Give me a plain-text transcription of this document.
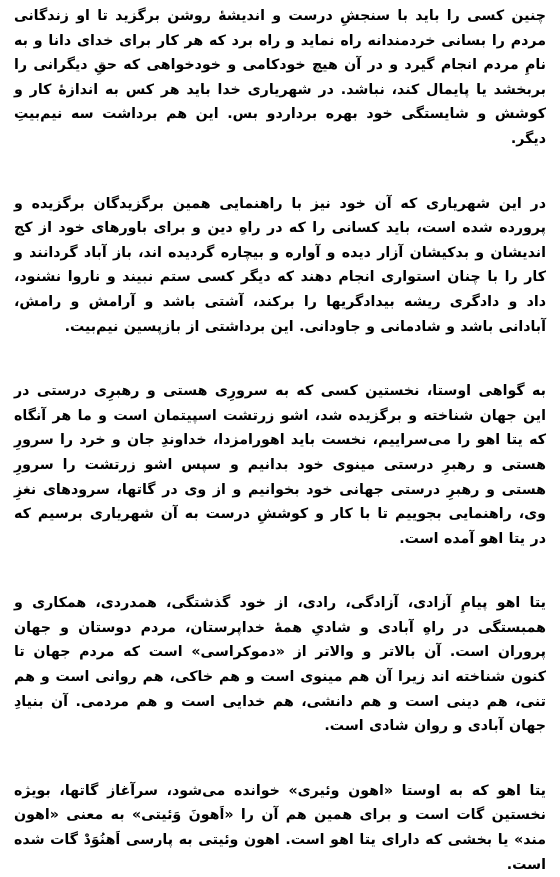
چنین کسی را باید با سنجشِ درست و اندیشهٔ روشن برگزید تا او زندگانی مردم را بسانی خردمندانه راه نماید و راه برد که هر کار برای خدای دانا و به نامِ مردم انجام گیرد و در آن هیچ خودکامی و خودخواهی که حقِ دیگرانی را بربخشد یا پایمال کند، نباشد. در شهریاری خدا باید هر کس به اندازهٔ کار و کوشش و شایستگی خود بهره برداردو بس. این هم برداشت سه نیم‌بیتِ دیگر.

در این شهریاری که آن خود نیز با راهنمایی همین برگزیدگان برگزیده و پرورده شده است، باید کسانی را که در راهِ دین و برای باورهای خود از کج اندیشان و بدکیشان آزار دیده و آواره و بیچاره گردیده اند، باز آباد گردانند و کار را با چنان استواری انجام دهند که دیگر کسی ستم نبیند و ناروا نشنود، داد و دادگری ریشه بیدادگریها را برکند، آشتی باشد و آرامش و رامش، آبادانی باشد و شادمانی و جاودانی. این برداشتی از بازپسین نیم‌بیت.

به گواهی اوستا، نخستین کسی که به سرورِی هستی و رهبرِی درستی در این جهان شناخته و برگزیده شد، اشو زرتشت اسپیتمان است و ما هر آنگاه که یتا اهو را می‌سراییم، نخست باید اهورامزدا، خداوندِ جان و خرد را سرورِ هستی و رهبرِ درستی مینوی خود بدانیم و سپس اشو زرتشت را سرورِ هستی و رهبرِ درستی جهانی خود بخوانیم و از وی در گاتها، سرودهای نغزِ وی، راهنمایی بجوییم تا با کار و کوششِ درست به آن شهریاری برسیم که در یتا اهو آمده است.

یتا اهو پیامِ آزادی، آزادگی، رادی، از خود گذشتگی، همدردی، همکاری و همبستگی در راهِ آبادی و شادیِ همهٔ خداپرستان، مردم دوستان و جهان پروران است. آن بالاتر و والاتر از «دموکراسی» است که مردم جهان تا کنون شناخته اند زیرا آن هم مینوی است و هم خاکی، هم روانی است و هم تنی، هم دینی است و هم دانشی، هم خدایی است و هم مردمی. آن بنیادِ جهان آبادی و روان شادی است.

یتا اهو که به اوستا «اهون وئیری» خوانده می‌شود، سرآغاز گاتها، بویژه نخستین گات است و برای همین هم آن را «اَهونَ وَئیتی» به معنی «اهون مند» یا بخشی که دارای یتا اهو است. اهون وئیتی به پارسی اَهنُوَدْ گات شده است.
